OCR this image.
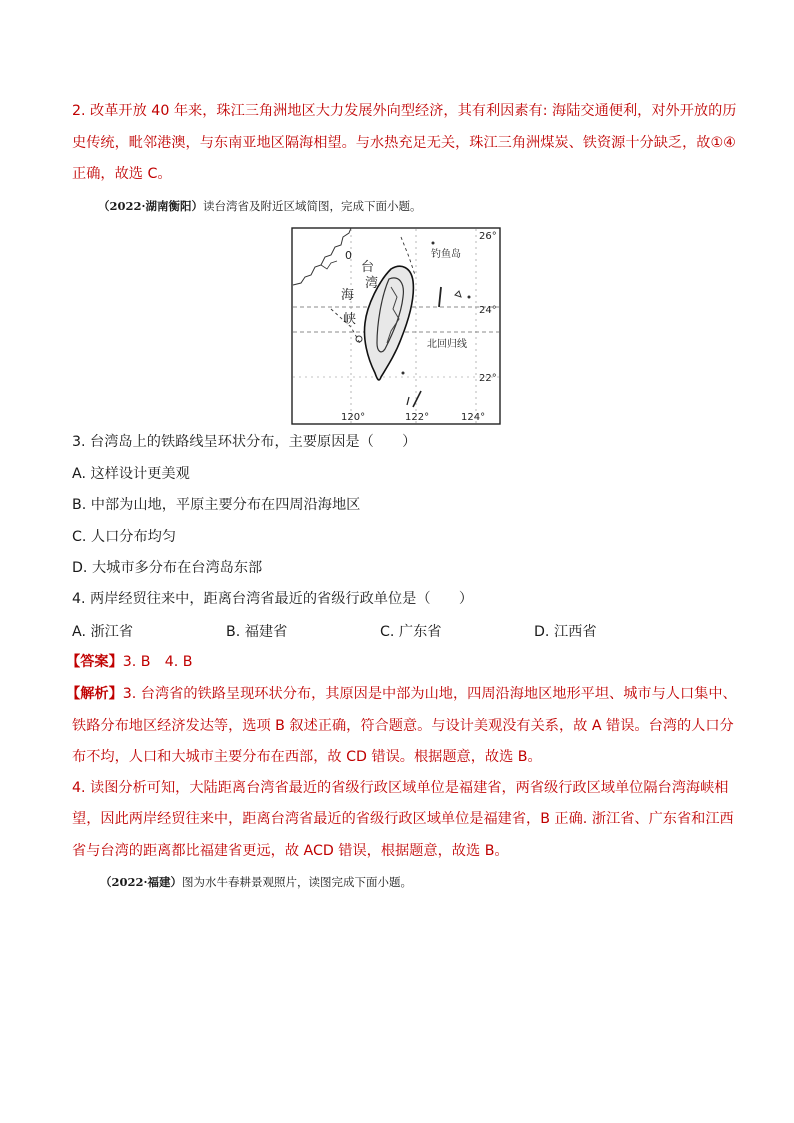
2. 改革开放 40 年来，珠江三角洲地区大力发展外向型经济，其有利因素有: 海陆交通便利，对外开放的历
史传统，毗邻港澳，与东南亚地区隔海相望。与水热充足无关，珠江三角洲煤炭、铁资源十分缺乏，故①④
正确，故选 C。
（2022·湖南衡阳）读台湾省及附近区域简图，完成下面小题。
0
台
湾
海
峡
钓鱼岛
北回归线
26°
24°
22°
120°	122°	124°
3. 台湾岛上的铁路线呈环状分布，主要原因是（　　）
A. 这样设计更美观
B. 中部为山地，平原主要分布在四周沿海地区
C. 人口分布均匀
D. 大城市多分布在台湾岛东部
4. 两岸经贸往来中，距离台湾省最近的省级行政单位是（　　）
A. 浙江省	B. 福建省	C. 广东省	D. 江西省
【答案】3. B　4. B
【解析】3. 台湾省的铁路呈现环状分布，其原因是中部为山地，四周沿海地区地形平坦、城市与人口集中、
铁路分布地区经济发达等，选项 B 叙述正确，符合题意。与设计美观没有关系，故 A 错误。台湾的人口分
布不均，人口和大城市主要分布在西部，故 CD 错误。根据题意，故选 B。
4. 读图分析可知，大陆距离台湾省最近的省级行政区域单位是福建省，两省级行政区域单位隔台湾海峡相
望，因此两岸经贸往来中，距离台湾省最近的省级行政区域单位是福建省，B 正确. 浙江省、广东省和江西
省与台湾的距离都比福建省更远，故 ACD 错误，根据题意，故选 B。
（2022·福建）图为水牛春耕景观照片，读图完成下面小题。
